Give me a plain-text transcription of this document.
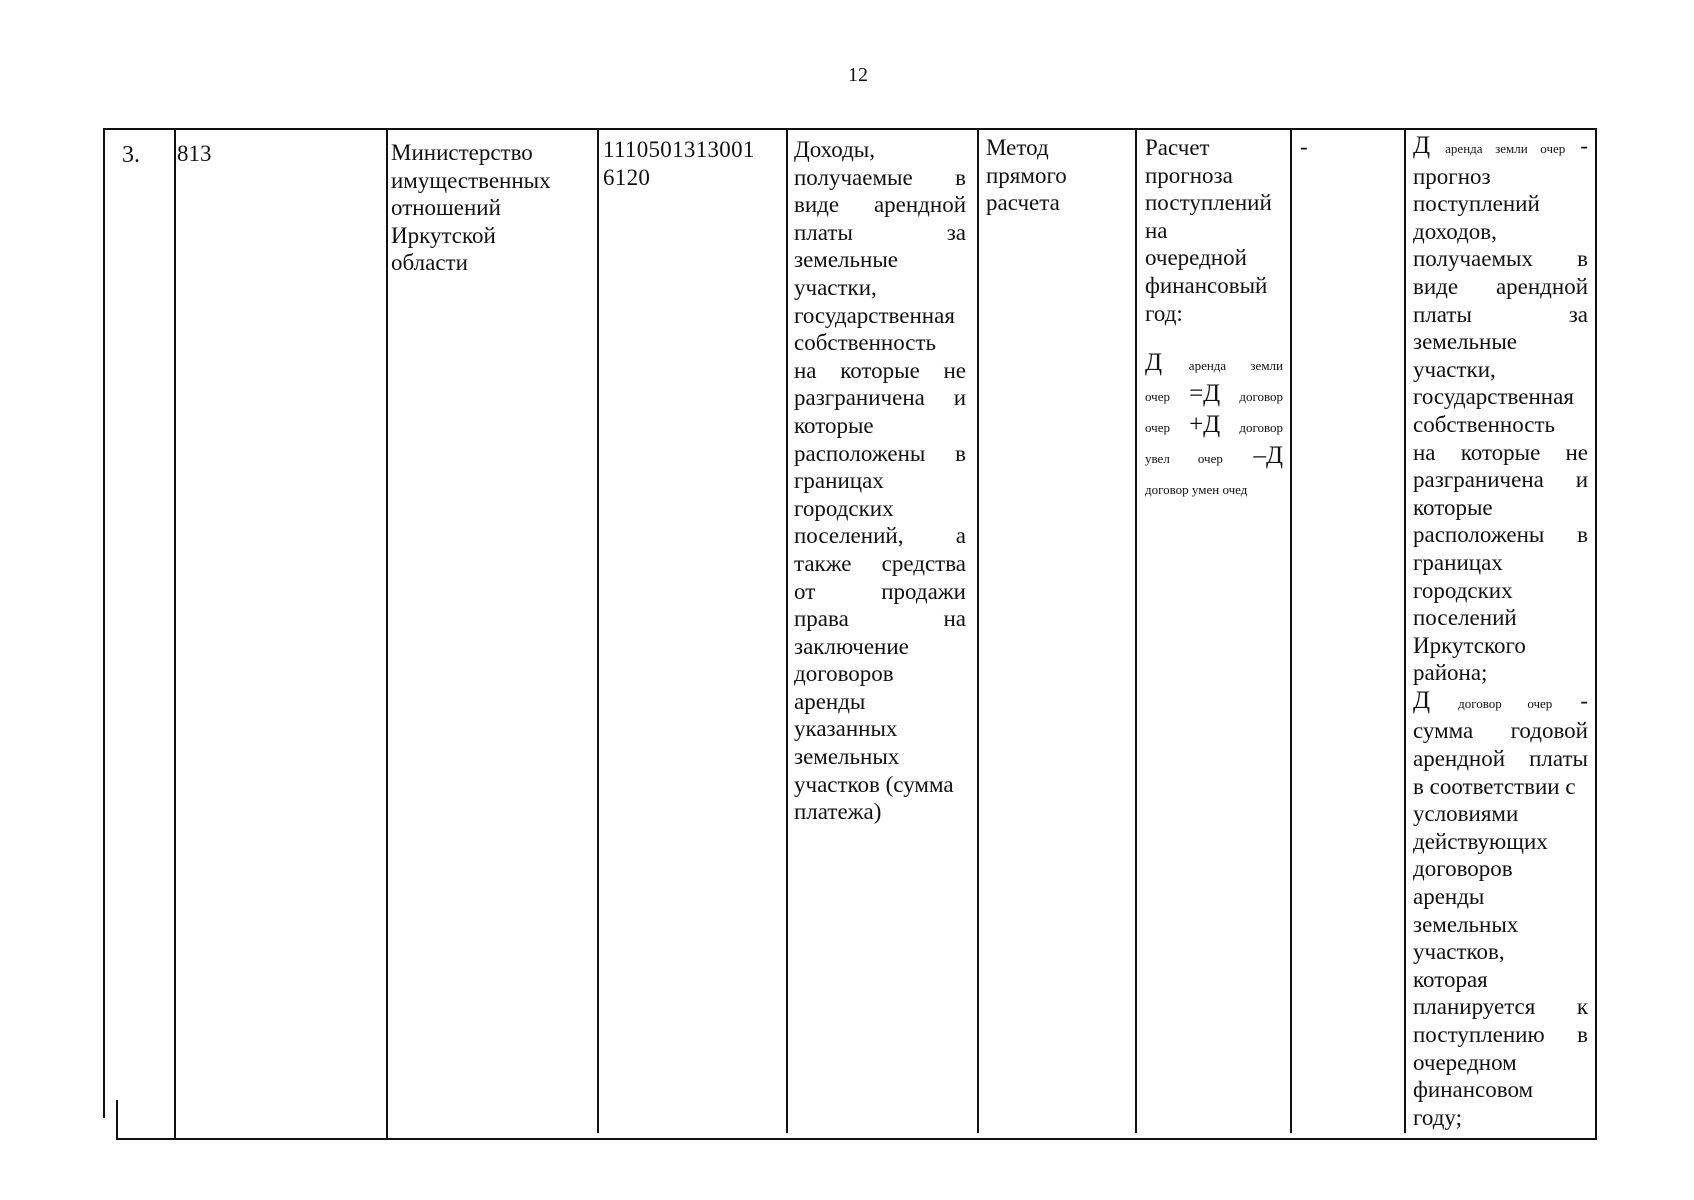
12
3. 813	Министерство
имущественных
отношений
Иркутской
области
1110501313001
6120
Доходы,
получаемые в
виде арендной
платы за
земельные
участки,
государственная
собственность
на которые не
разграничена и
которые
расположены в
границах
городских
поселений, а
также средства
от продажи
права на
заключение
договоров
аренды
указанных
земельных
участков (сумма
платежа)
Метод
прямого
расчета
Расчет
прогноза
поступлений
на
очередной
финансовый
год:
Д аренда земли
очер =Д договор
очер +Д договор
увел очер –Д
договор умен очед
-	Д аренда земли очер -
прогноз
поступлений
доходов,
получаемых в
виде арендной
платы за
земельные
участки,
государственная
собственность
на которые не
разграничена и
которые
расположены в
границах
городских
поселений
Иркутского
района;
Д договор очер -
сумма годовой
арендной платы
в соответствии с
условиями
действующих
договоров
аренды
земельных
участков,
которая
планируется к
поступлению в
очередном
финансовом
году;
